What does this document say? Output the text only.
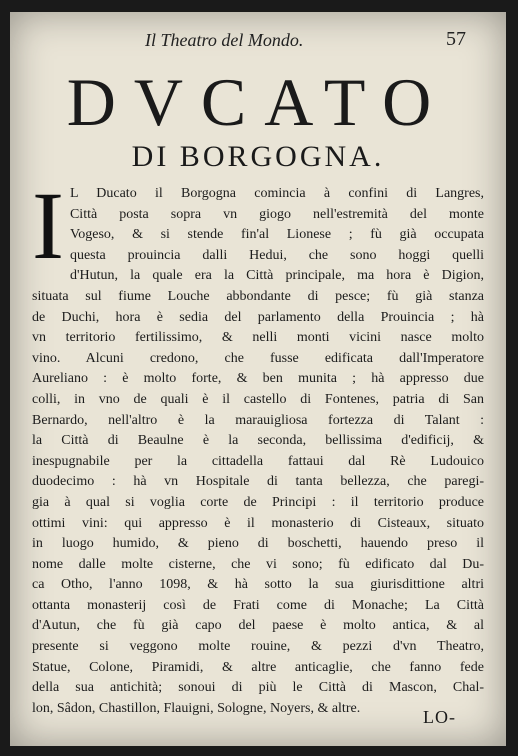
Il Theatro del Mondo.	57
DVCATO
DI BORGOGNA.
I L Ducato il Borgogna comincia à confini di Langres,
Città posta sopra vn giogo nell'estremità del monte
Vogeso, & si stende fin'al Lionese ; fù già occupata
questa prouincia dalli Hedui, che sono hoggi quelli
d'Hutun, la quale era la Città principale, ma hora è Digion,
situata sul fiume Louche abbondante di pesce; fù già stanza
de Duchi, hora è sedia del parlamento della Prouincia ; hà
vn territorio fertilissimo, & nelli monti vicini nasce molto
vino. Alcuni credono, che fusse edificata dall'Imperatore
Aureliano : è molto forte, & ben munita ; hà appresso due
colli, in vno de quali è il castello di Fontenes, patria di San
Bernardo, nell'altro è la marauigliosa fortezza di Talant :
la Città di Beaulne è la seconda, bellissima d'edificij, &
inespugnabile per la cittadella fattaui dal Rè Ludouico
duodecimo : hà vn Hospitale di tanta bellezza, che paregi-
gia à qual si voglia corte de Principi : il territorio produce
ottimi vini: qui appresso è il monasterio di Cisteaux, situato
in luogo humido, & pieno di boschetti, hauendo preso il
nome dalle molte cisterne, che vi sono; fù edificato dal Du-
ca Otho, l'anno 1098, & hà sotto la sua giurisdittione altri
ottanta monasterij così de Frati come di Monache; La Città
d'Autun, che fù già capo del paese è molto antica, & al
presente si veggono molte rouine, & pezzi d'vn Theatro,
Statue, Colone, Piramidi, & altre anticaglie, che fanno fede
della sua antichità; sonoui di più le Città di Mascon, Chal-
lon, Sâdon, Chastillon, Flauigni, Sologne, Noyers, & altre.	LO-
